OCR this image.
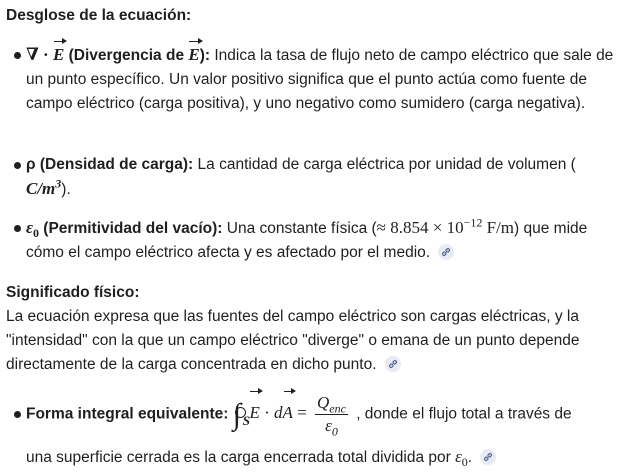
Desglose de la ecuación:
∇ · E (Divergencia de E): Indica la tasa de flujo neto de campo eléctrico que sale de un punto específico. Un valor positivo significa que el punto actúa como fuente de campo eléctrico (carga positiva), y uno negativo como sumidero (carga negativa).
ρ (Densidad de carga): La cantidad de carga eléctrica por unidad de volumen (
$C/m^3$).
$\varepsilon_0$ (Permitividad del vacío): Una constante física (≈ $8.854 \times 10^{-12}$ F/m) que mide cómo el campo eléctrico afecta y es afectado por el medio.
Significado físico:
La ecuación expresa que las fuentes del campo eléctrico son cargas eléctricas, y la "intensidad" con la que un campo eléctrico "diverge" o emana de un punto depende directamente de la carga concentrada en dicho punto.
Forma integral equivalente: ∫ S E · dA = $\frac{Q_{enc}}{\varepsilon_0}$ , donde el flujo total a través de
una superficie cerrada es la carga encerrada total dividida por $\varepsilon_0$.
